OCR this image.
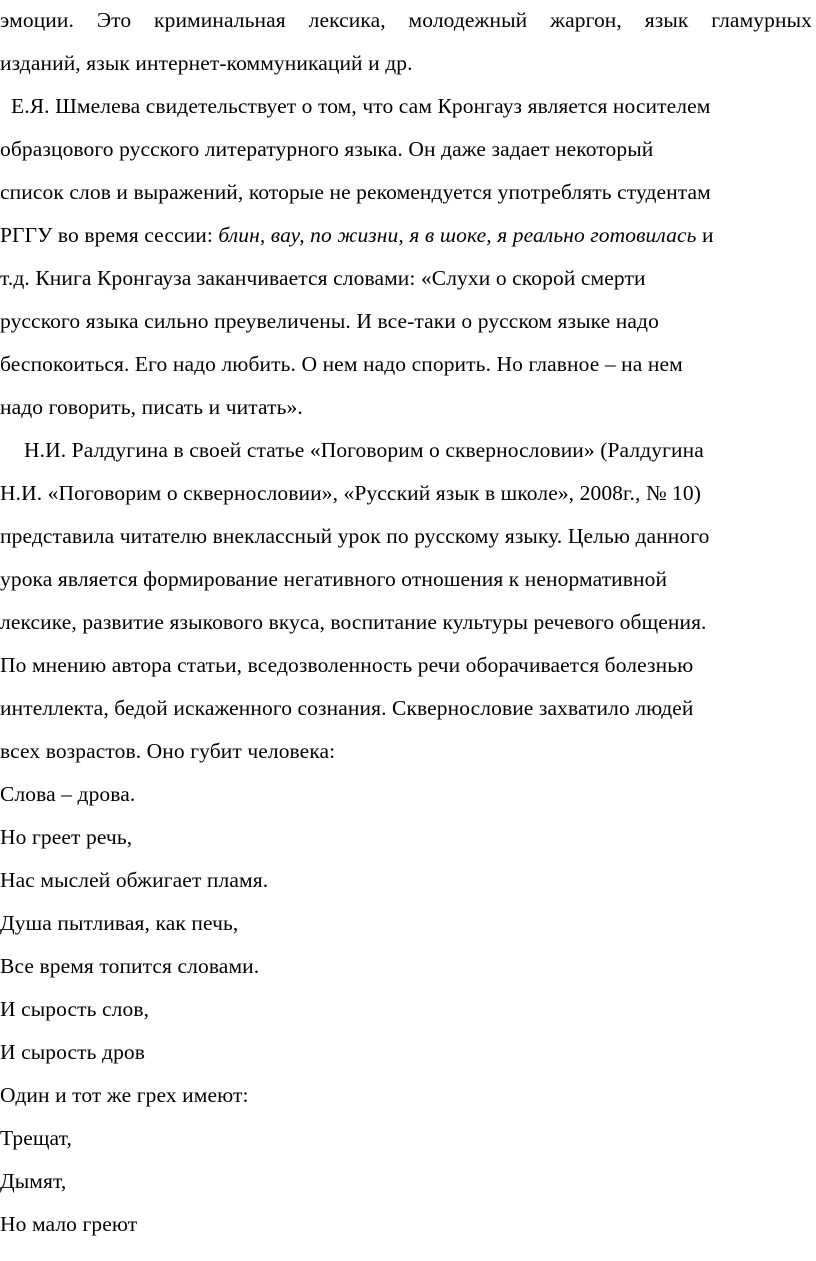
эмоции. Это криминальная лексика, молодежный жаргон, язык гламурных
изданий, язык интернет-коммуникаций и др.
Е.Я. Шмелева свидетельствует о том, что сам Кронгауз является носителем
образцового русского литературного языка. Он даже задает некоторый
список слов и выражений, которые не рекомендуется употреблять студентам
РГГУ во время сессии: блин, вау, по жизни, я в шоке, я реально готовилась и
т.д. Книга Кронгауза заканчивается словами: «Слухи о скорой смерти
русского языка сильно преувеличены. И все-таки о русском языке надо
беспокоиться. Его надо любить. О нем надо спорить. Но главное – на нем
надо говорить, писать и читать».
Н.И. Ралдугина в своей статье «Поговорим о сквернословии» (Ралдугина
Н.И. «Поговорим о сквернословии», «Русский язык в школе», 2008г., № 10)
представила читателю внеклассный урок по русскому языку. Целью данного
урока является формирование негативного отношения к ненормативной
лексике, развитие языкового вкуса, воспитание культуры речевого общения.
По мнению автора статьи, вседозволенность речи оборачивается болезнью
интеллекта, бедой искаженного сознания. Сквернословие захватило людей
всех возрастов. Оно губит человека:
Слова – дрова.
Но греет речь,
Нас мыслей обжигает пламя.
Душа пытливая, как печь,
Все время топится словами.
И сырость слов,
И сырость дров
Один и тот же грех имеют:
Трещат,
Дымят,
Но мало греют
